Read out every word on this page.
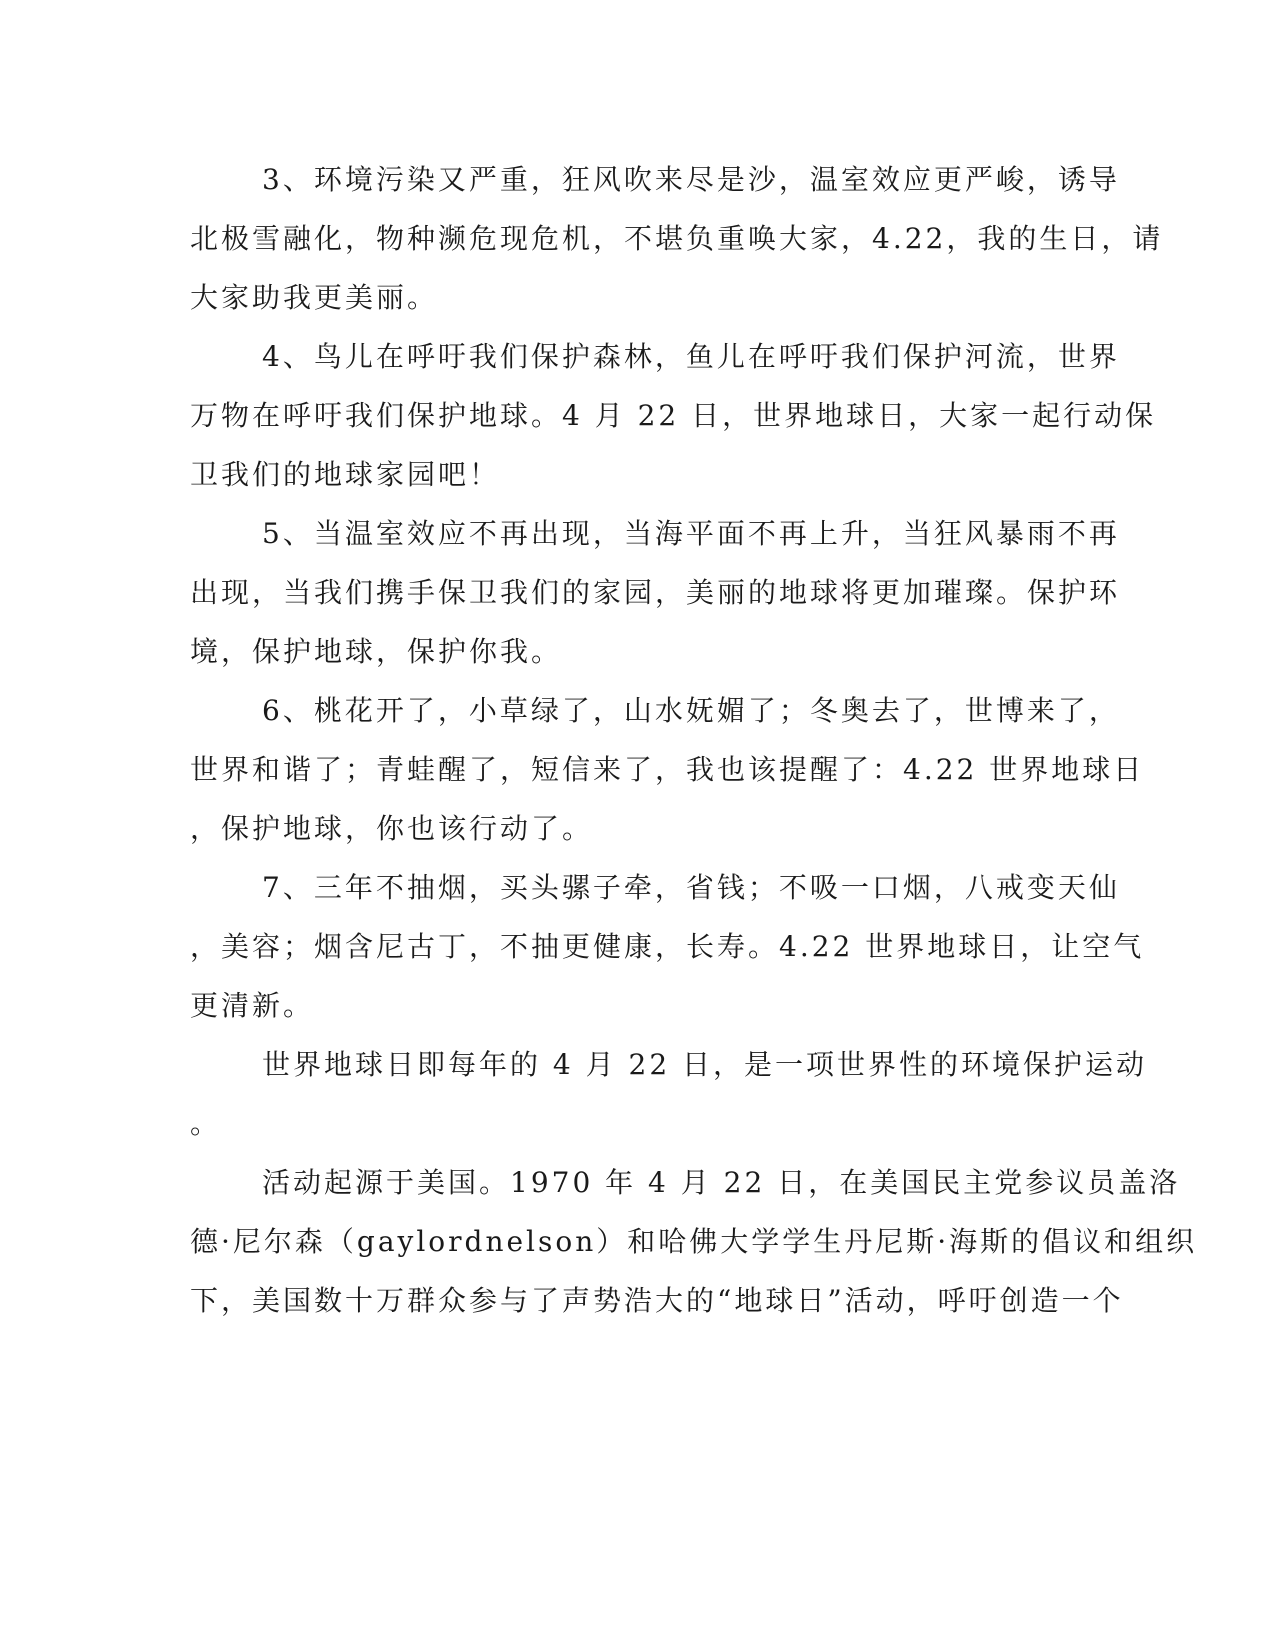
3、环境污染又严重，狂风吹来尽是沙，温室效应更严峻，诱导
北极雪融化，物种濒危现危机，不堪负重唤大家，4.22，我的生日，请
大家助我更美丽。
4、鸟儿在呼吁我们保护森林，鱼儿在呼吁我们保护河流，世界
万物在呼吁我们保护地球。4 月 22 日，世界地球日，大家一起行动保
卫我们的地球家园吧！
5、当温室效应不再出现，当海平面不再上升，当狂风暴雨不再
出现，当我们携手保卫我们的家园，美丽的地球将更加璀璨。保护环
境，保护地球，保护你我。
6、桃花开了，小草绿了，山水妩媚了；冬奥去了，世博来了，
世界和谐了；青蛙醒了，短信来了，我也该提醒了：4.22 世界地球日
，保护地球，你也该行动了。
7、三年不抽烟，买头骡子牵，省钱；不吸一口烟，八戒变天仙
，美容；烟含尼古丁，不抽更健康，长寿。4.22 世界地球日，让空气
更清新。
世界地球日即每年的 4 月 22 日，是一项世界性的环境保护运动
。
活动起源于美国。1970 年 4 月 22 日，在美国民主党参议员盖洛
德·尼尔森（gaylordnelson）和哈佛大学学生丹尼斯·海斯的倡议和组织
下，美国数十万群众参与了声势浩大的“地球日”活动，呼吁创造一个
